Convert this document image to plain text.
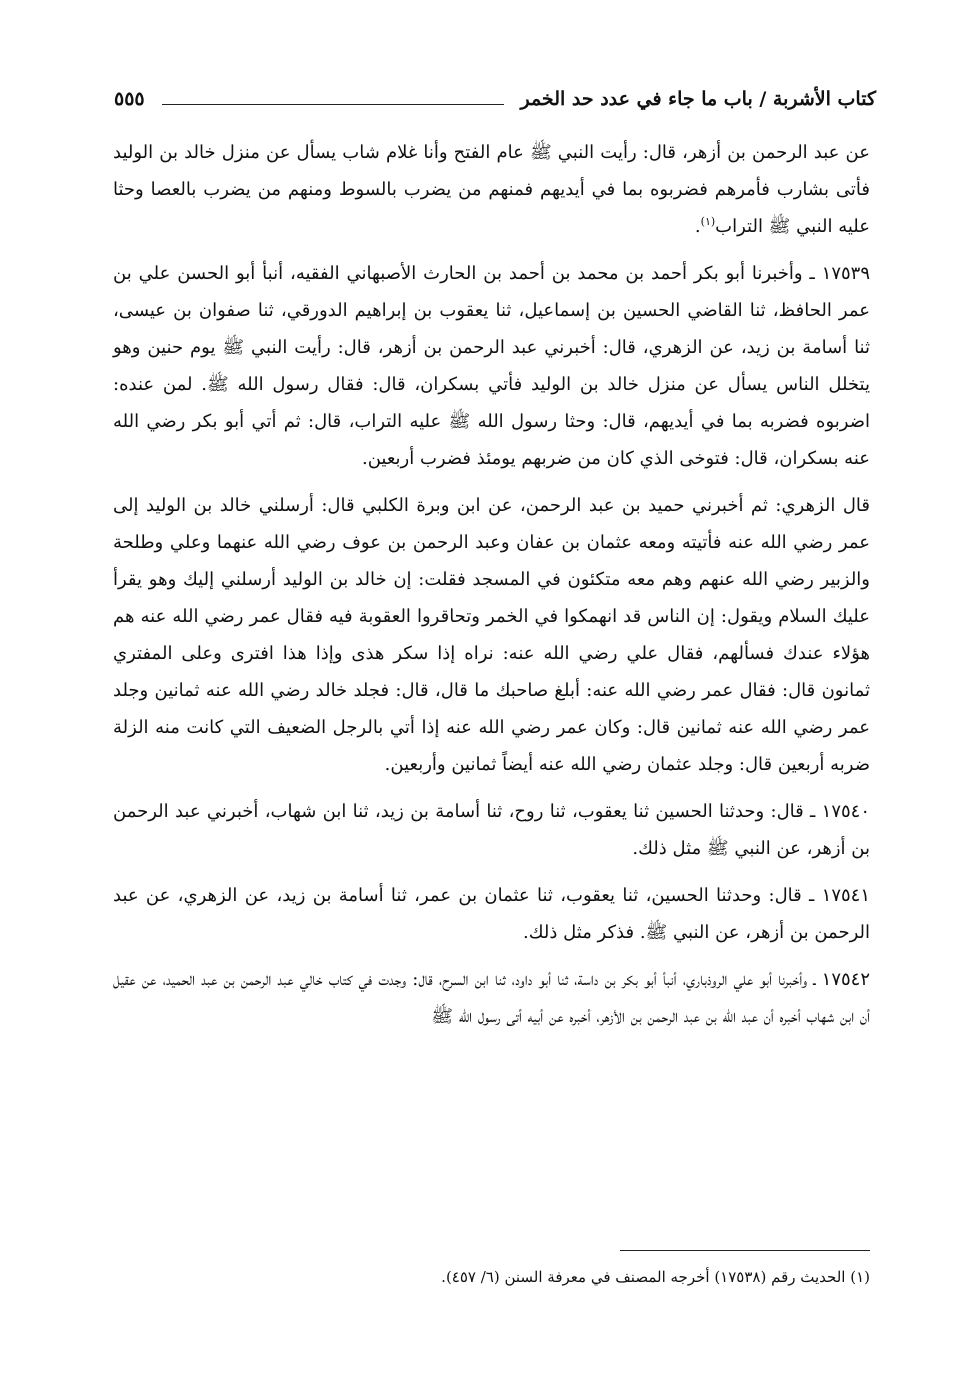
كتاب الأشربة / باب ما جاء في عدد حد الخمر
٥٥٥

عن عبد الرحمن بن أزهر، قال: رأيت النبي ﷺ عام الفتح وأنا غلام شاب يسأل عن منزل خالد بن الوليد فأتى بشارب فأمرهم فضربوه بما في أيديهم فمنهم من يضرب بالسوط ومنهم من يضرب بالعصا وحثا عليه النبي ﷺ التراب$^{(١)}$.

١٧٥٣٩ ـ وأخبرنا أبو بكر أحمد بن محمد بن أحمد بن الحارث الأصبهاني الفقيه، أنبأ أبو الحسن علي بن عمر الحافظ، ثنا القاضي الحسين بن إسماعيل، ثنا يعقوب بن إبراهيم الدورقي، ثنا صفوان بن عيسى، ثنا أسامة بن زيد، عن الزهري، قال: أخبرني عبد الرحمن بن أزهر، قال: رأيت النبي ﷺ يوم حنين وهو يتخلل الناس يسأل عن منزل خالد بن الوليد فأتي بسكران، قال: فقال رسول الله ﷺ. لمن عنده: اضربوه فضربه بما في أيديهم، قال: وحثا رسول الله ﷺ عليه التراب، قال: ثم أتي أبو بكر رضي الله عنه بسكران، قال: فتوخى الذي كان من ضربهم يومئذ فضرب أربعين.

قال الزهري: ثم أخبرني حميد بن عبد الرحمن، عن ابن وبرة الكلبي قال: أرسلني خالد بن الوليد إلى عمر رضي الله عنه فأتيته ومعه عثمان بن عفان وعبد الرحمن بن عوف رضي الله عنهما وعلي وطلحة والزبير رضي الله عنهم وهم معه متكئون في المسجد فقلت: إن خالد بن الوليد أرسلني إليك وهو يقرأ عليك السلام ويقول: إن الناس قد انهمكوا في الخمر وتحاقروا العقوبة فيه فقال عمر رضي الله عنه هم هؤلاء عندك فسألهم، فقال علي رضي الله عنه: نراه إذا سكر هذى وإذا هذا افترى وعلى المفتري ثمانون قال: فقال عمر رضي الله عنه: أبلغ صاحبك ما قال، قال: فجلد خالد رضي الله عنه ثمانين وجلد عمر رضي الله عنه ثمانين قال: وكان عمر رضي الله عنه إذا أتي بالرجل الضعيف التي كانت منه الزلة ضربه أربعين قال: وجلد عثمان رضي الله عنه أيضاً ثمانين وأربعين.

١٧٥٤٠ ـ قال: وحدثنا الحسين ثنا يعقوب، ثنا روح، ثنا أسامة بن زيد، ثنا ابن شهاب، أخبرني عبد الرحمن بن أزهر، عن النبي ﷺ مثل ذلك.

١٧٥٤١ ـ قال: وحدثنا الحسين، ثنا يعقوب، ثنا عثمان بن عمر، ثنا أسامة بن زيد، عن الزهري، عن عبد الرحمن بن أزهر، عن النبي ﷺ. فذكر مثل ذلك.

١٧٥٤٢ ـ وأخبرنا أبو علي الروذباري، أنبأ أبو بكر بن داسة، ثنا أبو داود، ثنا ابن السرح، قال: وجدت في كتاب خالي عبد الرحمن بن عبد الحميد، عن عقيل أن ابن شهاب أخبره أن عبد الله بن عبد الرحمن بن الأزهر، أخبره عن أبيه أتى رسول الله ﷺ

(١) الحديث رقم (١٧٥٣٨) أخرجه المصنف في معرفة السنن (٦/ ٤٥٧).
